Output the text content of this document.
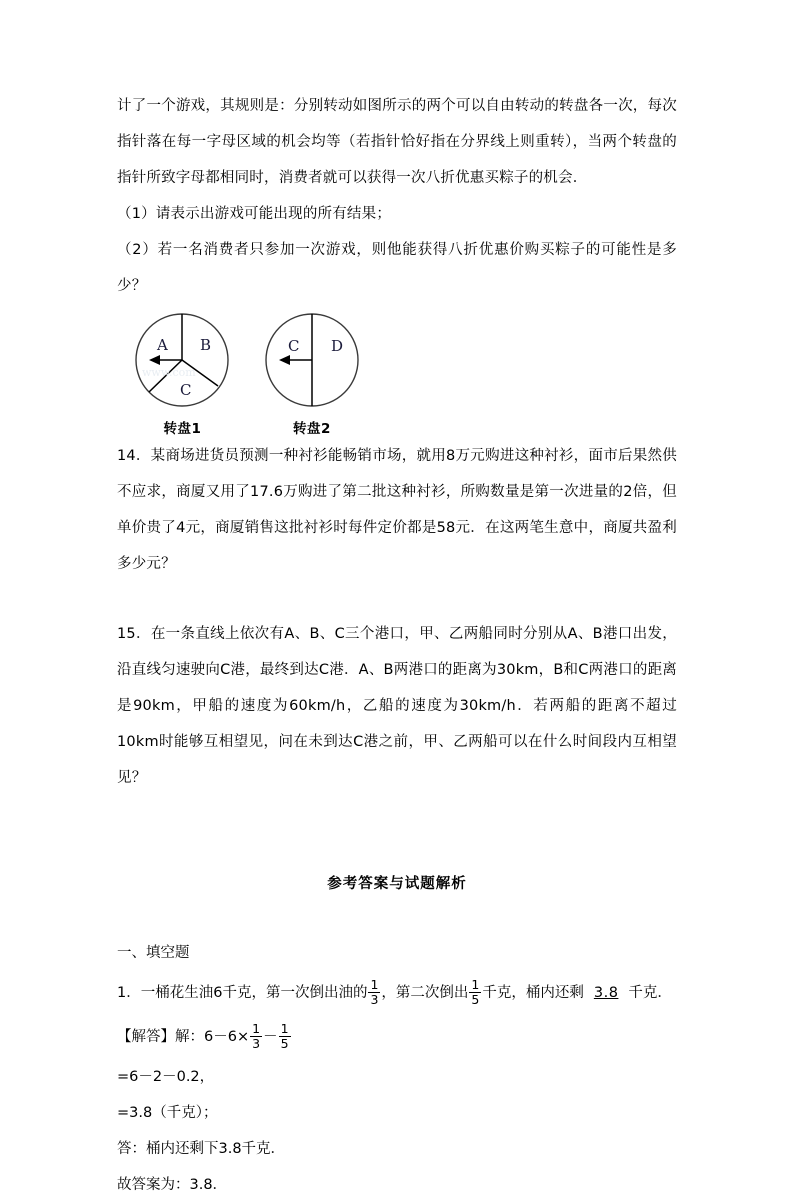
计了一个游戏，其规则是：分别转动如图所示的两个可以自由转动的转盘各一次，每次指针落在每一字母区域的机会均等（若指针恰好指在分界线上则重转），当两个转盘的指针所致字母都相同时，消费者就可以获得一次八折优惠买粽子的机会．

（1）请表示出游戏可能出现的所有结果；

（2）若一名消费者只参加一次游戏，则他能获得八折优惠价购买粽子的可能性是多少？

www.com
A B
C
转盘1
C D
转盘2

14．某商场进货员预测一种衬衫能畅销市场，就用8万元购进这种衬衫，面市后果然供不应求，商厦又用了17.6万购进了第二批这种衬衫，所购数量是第一次进量的2倍，但单价贵了4元，商厦销售这批衬衫时每件定价都是58元．在这两笔生意中，商厦共盈利多少元？

15．在一条直线上依次有A、B、C三个港口，甲、乙两船同时分别从A、B港口出发，沿直线匀速驶向C港，最终到达C港．A、B两港口的距离为30km，B和C两港口的距离是90km，甲船的速度为60km/h，乙船的速度为30km/h．若两船的距离不超过10km时能够互相望见，问在未到达C港之前，甲、乙两船可以在什么时间段内互相望见？

参考答案与试题解析

一、填空题

1．一桶花生油6千克，第一次倒出油的 $\frac{1}{3}$ ，第二次倒出 $\frac{1}{5}$ 千克，桶内还剩 3.8 千克．

【解答】解：$6-6\times \frac{1}{3} - \frac{1}{5}$

=6－2－0.2，

=3.8（千克）；

答：桶内还剩下3.8千克．

故答案为：3.8．
